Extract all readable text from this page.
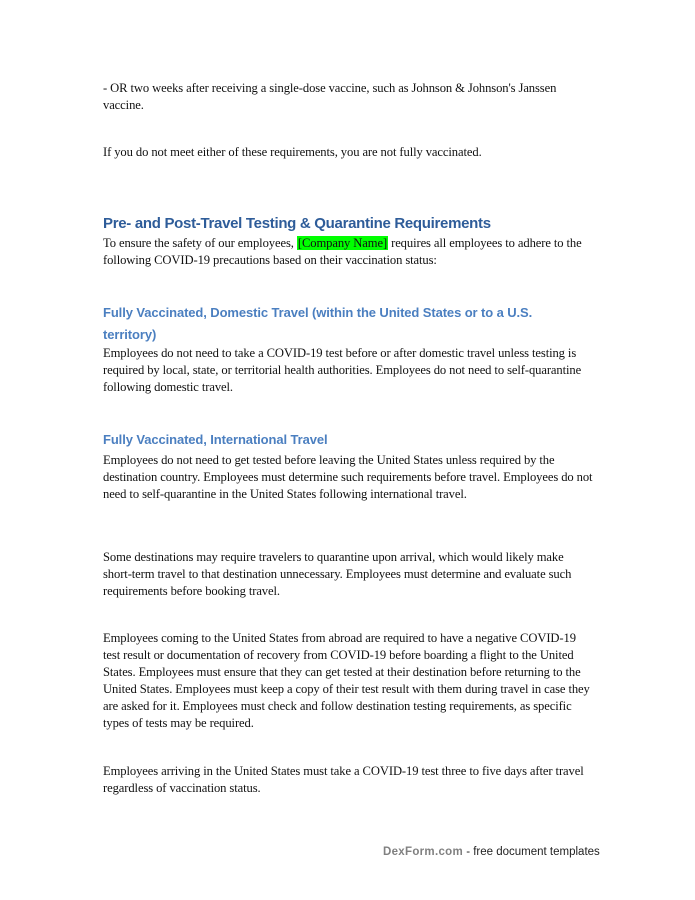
- OR two weeks after receiving a single-dose vaccine, such as Johnson & Johnson's Janssen vaccine.

If you do not meet either of these requirements, you are not fully vaccinated.

Pre- and Post-Travel Testing & Quarantine Requirements

To ensure the safety of our employees, [Company Name] requires all employees to adhere to the following COVID-19 precautions based on their vaccination status:

Fully Vaccinated, Domestic Travel (within the United States or to a U.S. territory)

Employees do not need to take a COVID-19 test before or after domestic travel unless testing is required by local, state, or territorial health authorities. Employees do not need to self-quarantine following domestic travel.

Fully Vaccinated, International Travel

Employees do not need to get tested before leaving the United States unless required by the destination country. Employees must determine such requirements before travel. Employees do not need to self-quarantine in the United States following international travel.

Some destinations may require travelers to quarantine upon arrival, which would likely make short-term travel to that destination unnecessary. Employees must determine and evaluate such requirements before booking travel.

Employees coming to the United States from abroad are required to have a negative COVID-19 test result or documentation of recovery from COVID-19 before boarding a flight to the United States. Employees must ensure that they can get tested at their destination before returning to the United States. Employees must keep a copy of their test result with them during travel in case they are asked for it. Employees must check and follow destination testing requirements, as specific types of tests may be required.

Employees arriving in the United States must take a COVID-19 test three to five days after travel regardless of vaccination status.

DexForm.com - free document templates
